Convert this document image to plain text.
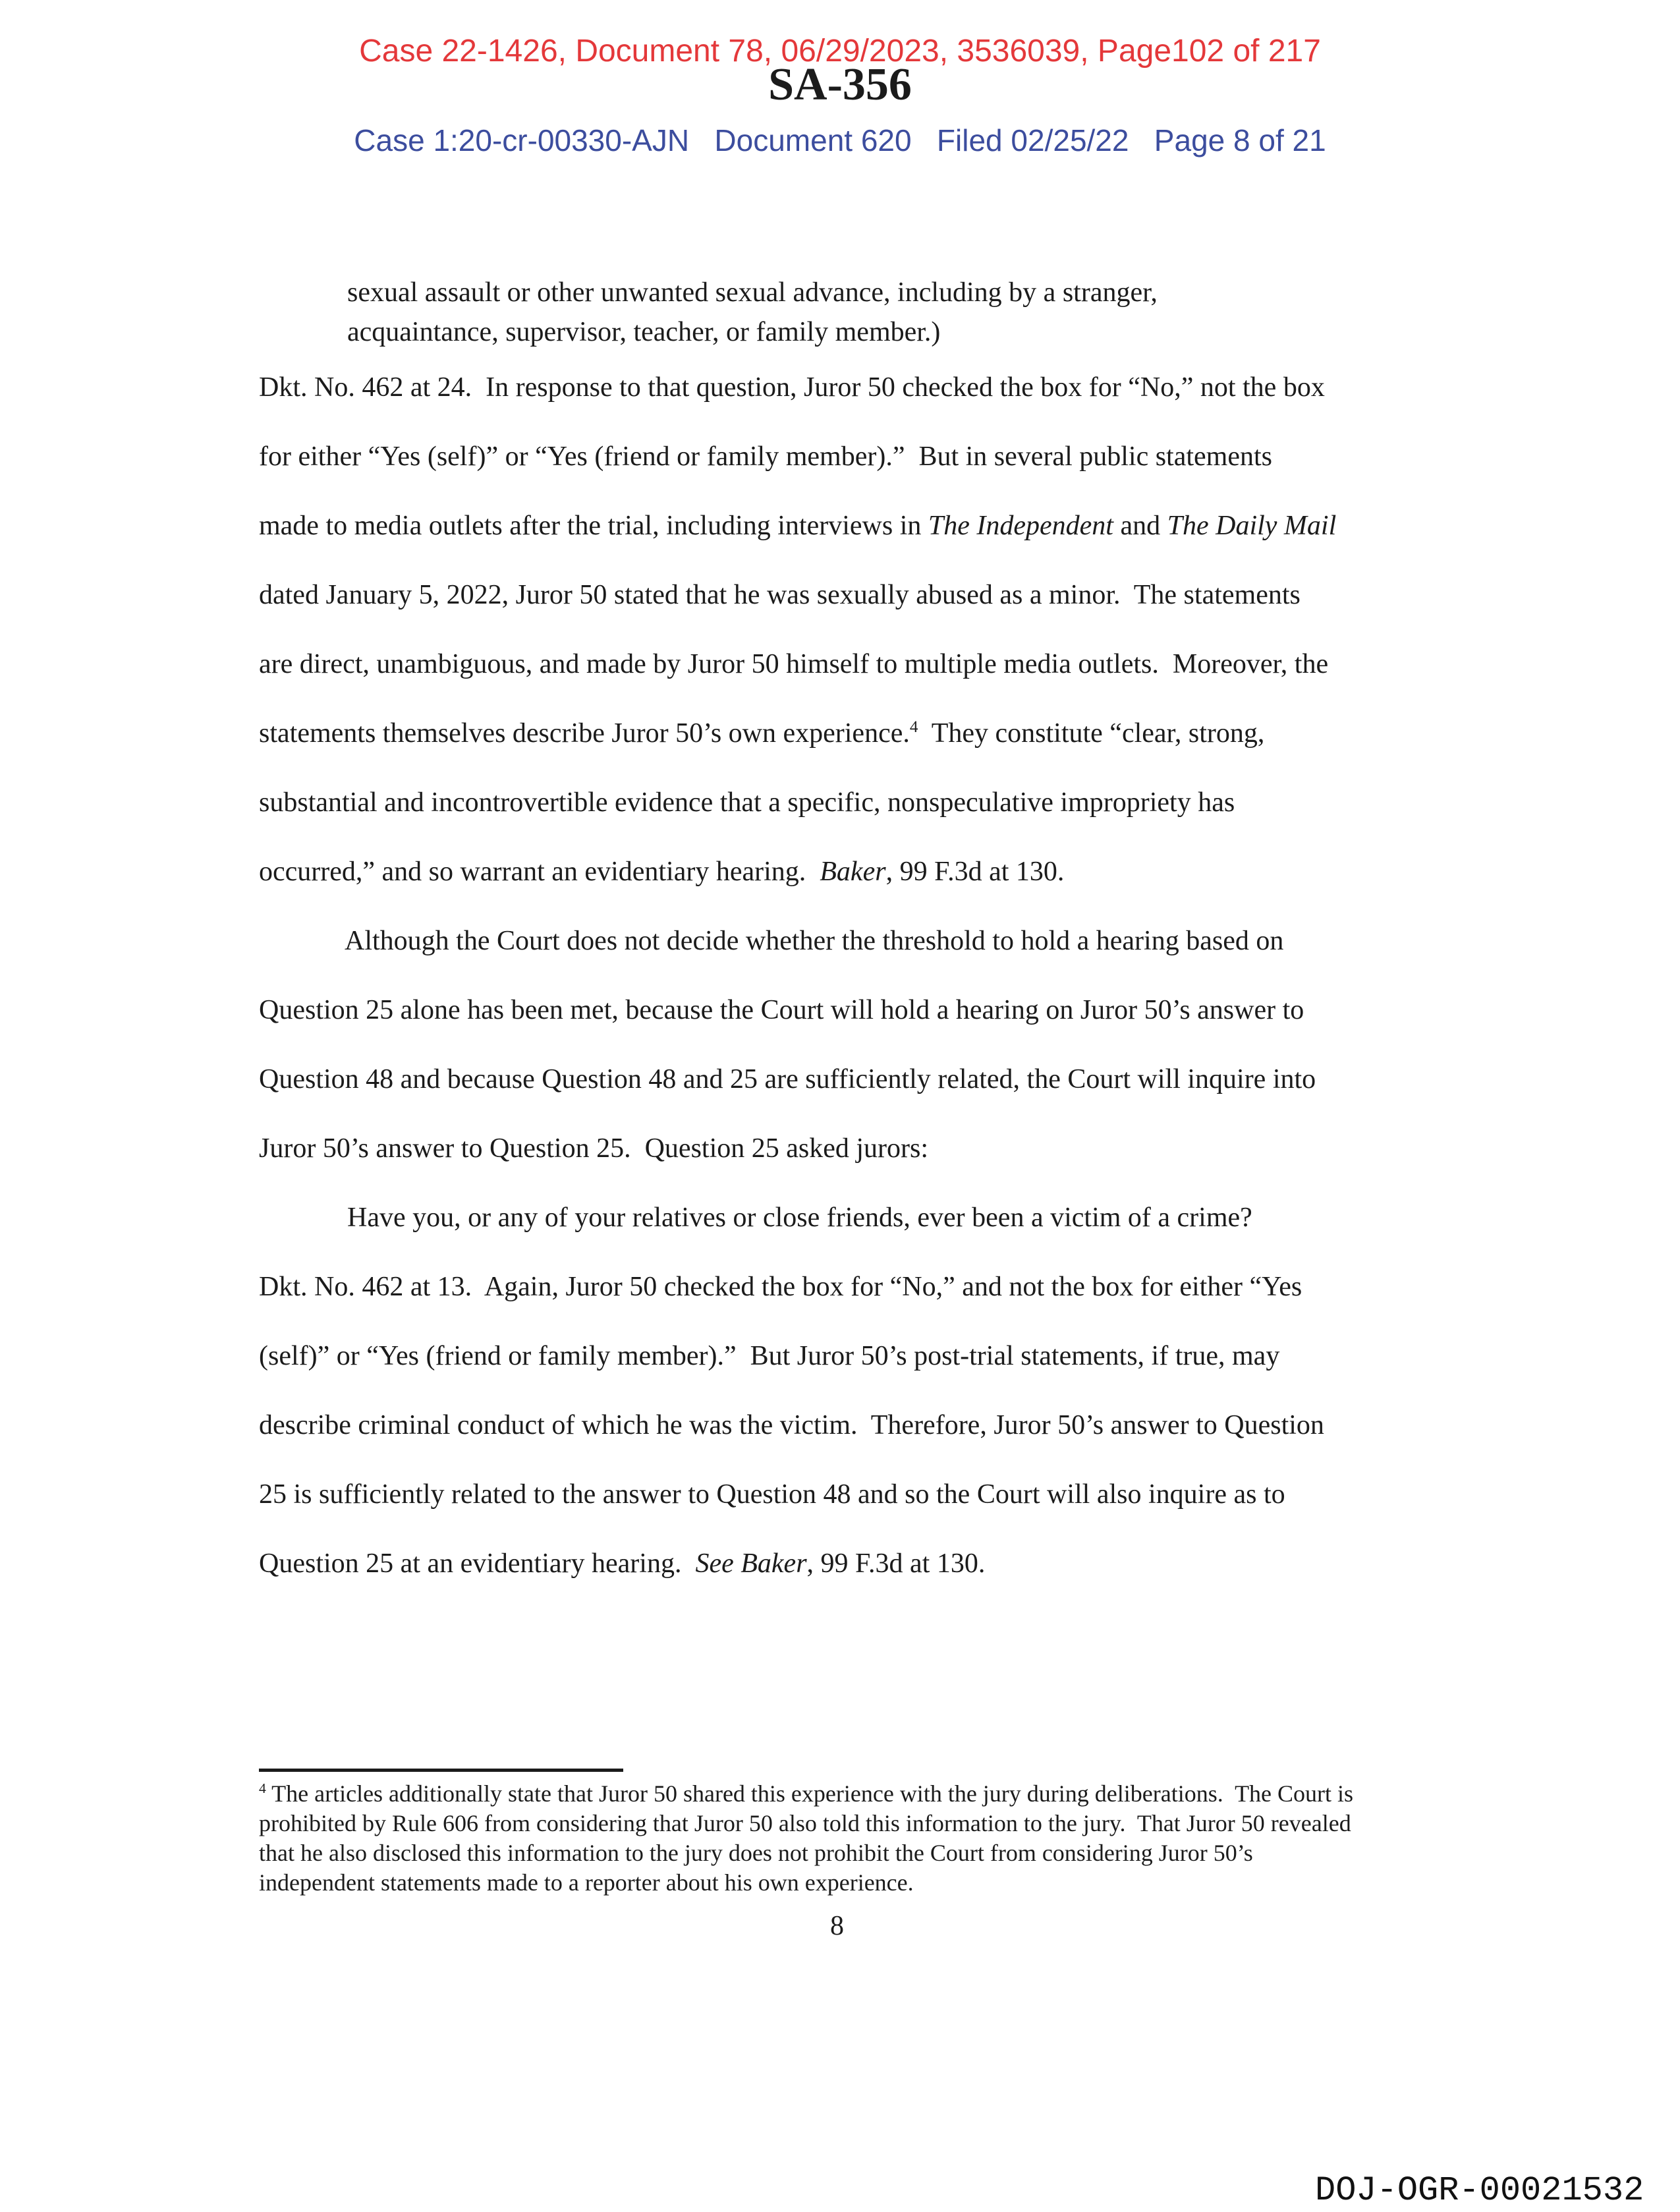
Case 22-1426, Document 78, 06/29/2023, 3536039, Page102 of 217
SA-356
Case 1:20-cr-00330-AJN   Document 620   Filed 02/25/22   Page 8 of 21
sexual assault or other unwanted sexual advance, including by a stranger,
acquaintance, supervisor, teacher, or family member.)
Dkt. No. 462 at 24.  In response to that question, Juror 50 checked the box for “No,” not the box
for either “Yes (self)” or “Yes (friend or family member).”  But in several public statements
made to media outlets after the trial, including interviews in The Independent and The Daily Mail
dated January 5, 2022, Juror 50 stated that he was sexually abused as a minor.  The statements
are direct, unambiguous, and made by Juror 50 himself to multiple media outlets.  Moreover, the
statements themselves describe Juror 50’s own experience.$^4$  They constitute “clear, strong,
substantial and incontrovertible evidence that a specific, nonspeculative impropriety has
occurred,” and so warrant an evidentiary hearing.  Baker, 99 F.3d at 130.
Although the Court does not decide whether the threshold to hold a hearing based on
Question 25 alone has been met, because the Court will hold a hearing on Juror 50’s answer to
Question 48 and because Question 48 and 25 are sufficiently related, the Court will inquire into
Juror 50’s answer to Question 25.  Question 25 asked jurors:
Have you, or any of your relatives or close friends, ever been a victim of a crime?
Dkt. No. 462 at 13.  Again, Juror 50 checked the box for “No,” and not the box for either “Yes
(self)” or “Yes (friend or family member).”  But Juror 50’s post-trial statements, if true, may
describe criminal conduct of which he was the victim.  Therefore, Juror 50’s answer to Question
25 is sufficiently related to the answer to Question 48 and so the Court will also inquire as to
Question 25 at an evidentiary hearing.  See Baker, 99 F.3d at 130.
$^4$ The articles additionally state that Juror 50 shared this experience with the jury during deliberations.  The Court is
prohibited by Rule 606 from considering that Juror 50 also told this information to the jury.  That Juror 50 revealed
that he also disclosed this information to the jury does not prohibit the Court from considering Juror 50’s
independent statements made to a reporter about his own experience.
8
DOJ-OGR-00021532
